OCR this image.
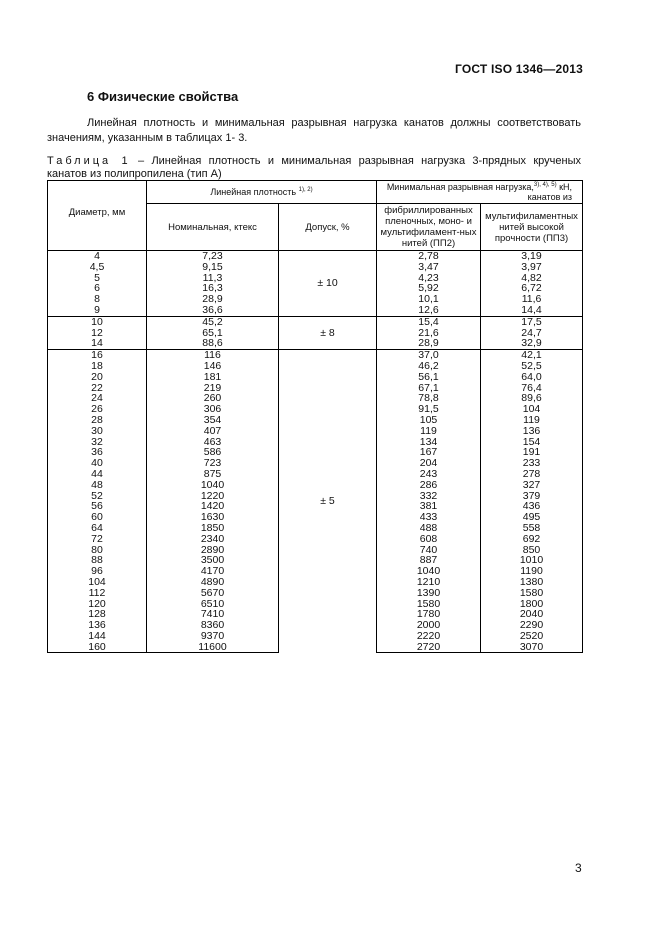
ГОСТ ISO 1346—2013
6 Физические свойства
Линейная плотность и минимальная разрывная нагрузка канатов должны соответствовать значениям, указанным в таблицах 1- 3.
Таблица 1 – Линейная плотность и минимальная разрывная нагрузка 3-прядных крученых канатов из полипропилена (тип А)
Диаметр, мм	Линейная плотность $^{1), 2)}$		Минимальная разрывная нагрузка,$^{3), 4), 5)}$ кН, канатов из	
	Номинальная, ктекс	Допуск, %	фибриллированных пленочных, моно- и мультифиламент-ных нитей (ПП2)	мультифиламентных нитей высокой прочности (ПП3)
4	7,23	± 10	2,78	3,19
4,5	9,15		3,47	3,97
5	11,3		4,23	4,82
6	16,3		5,92	6,72
8	28,9		10,1	11,6
9	36,6		12,6	14,4
10	45,2	± 8	15,4	17,5
12	65,1		21,6	24,7
14	88,6		28,9	32,9
16	116	± 5	37,0	42,1
18	146		46,2	52,5
20	181		56,1	64,0
22	219		67,1	76,4
24	260		78,8	89,6
26	306		91,5	104
28	354		105	119
30	407		119	136
32	463		134	154
36	586		167	191
40	723		204	233
44	875		243	278
48	1040		286	327
52	1220		332	379
56	1420		381	436
60	1630		433	495
64	1850		488	558
72	2340		608	692
80	2890		740	850
88	3500		887	1010
96	4170		1040	1190
104	4890		1210	1380
112	5670		1390	1580
120	6510		1580	1800
128	7410		1780	2040
136	8360		2000	2290
144	9370		2220	2520
160	11600		2720	3070
3
